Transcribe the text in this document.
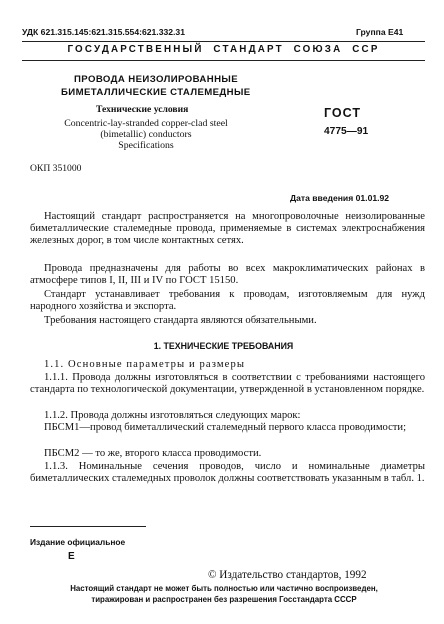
УДК 621.315.145:621.315.554:621.332.31	Группа Е41
ГОСУДАРСТВЕННЫЙ  СТАНДАРТ  СОЮЗА  ССР
ПРОВОДА НЕИЗОЛИРОВАННЫЕ
БИМЕТАЛЛИЧЕСКИЕ СТАЛЕМЕДНЫЕ
Технические условия
Concentric-lay-stranded copper-clad steel
(bimetallic) conductors
Specifications
ГОСТ
4775—91
ОКП 351000
Дата введения 01.01.92
Настоящий стандарт распространяется на многопроволочные неизолированные биметаллические сталемедные провода, применяемые в системах электроснабжения железных дорог, в том числе контактных сетях.
Провода предназначены для работы во всех макроклиматических районах в атмосфере типов I, II, III и IV по ГОСТ 15150.
Стандарт устанавливает требования к проводам, изготовляемым для нужд народного хозяйства и экспорта.
Требования настоящего стандарта являются обязательными.
1. ТЕХНИЧЕСКИЕ ТРЕБОВАНИЯ
1.1. Основные параметры и размеры
1.1.1. Провода должны изготовляться в соответствии с требованиями настоящего стандарта по технологической документации, утвержденной в установленном порядке.
1.1.2. Провода должны изготовляться следующих марок:
ПБСМ1—провод биметаллический сталемедный первого класса проводимости;
ПБСМ2 — то же, второго класса проводимости.
1.1.3. Номинальные сечения проводов, число и номинальные диаметры биметаллических сталемедных проволок должны соответствовать указанным в табл. 1.
Издание официальное
Е
© Издательство стандартов, 1992
Настоящий стандарт не может быть полностью или частично воспроизведен,
тиражирован и распространен без разрешения Госстандарта СССР
